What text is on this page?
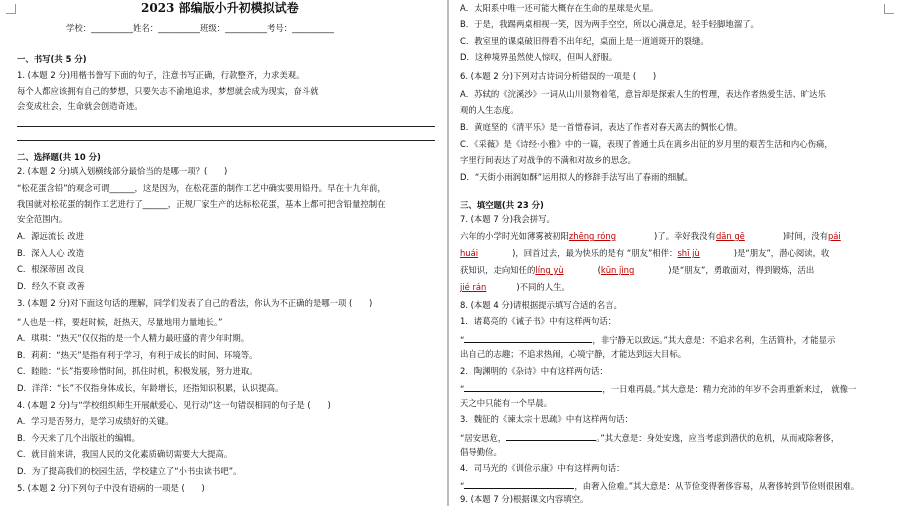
2023 部编版小升初模拟试卷
学校：__________姓名：__________班级：__________考号：__________
一、书写(共 5 分)
1. (本题 2 分)用楷书誊写下面的句子，注意书写正确，行款整齐，力求美观。
每个人都应该拥有自己的梦想，只要矢志不渝地追求，梦想就会成为现实，奋斗就
会变成社会，生命就会创造奇迹。
二、选择题(共 10 分)
2. (本题 2 分)填入划横线部分最恰当的是哪一项？(　　)
“松花蛋含铅”的观念可谓______，这是因为，在松花蛋的制作工艺中确实要用铅丹。早在十九年前，
我国就对松花蛋的制作工艺进行了______，正规厂家生产的达标松花蛋，基本上都可把含铅量控制在
安全范围内。
A．源远流长 改进
B．深入人心 改造
C．根深蒂固 改良
D．经久不衰 改善
3. (本题 2 分)对下面这句话的理解，同学们发表了自己的看法，你认为不正确的是哪一项 (　　)
“人也是一样，要赶时候，赶热天，尽量地用力量地长。”
A．琪琪：“热天”仅仅指的是一个人精力最旺盛的青少年时期。
B．莉莉：“热天”是指有利于学习，有利于成长的时间、环境等。
C．睦睦：“长”指要珍惜时间，抓住时机，积极发展，努力进取。
D．洋洋：“长”不仅指身体成长，年龄增长，还指知识积累，认识提高。
4. (本题 2 分)与“学校组织师生开展献爱心、见行动”这一句错误相同的句子是 (　　)
A．学习是否努力，是学习成绩好的关键。
B．今天来了几个出版社的编辑。
C．就目前来讲，我国人民的文化素质确切需要大大提高。
D．为了提高我们的校园生活，学校建立了“小书虫读书吧”。
5. (本题 2 分)下列句子中没有语病的一项是 (　　)
A．太阳系中唯一还可能大概存在生命的星球是火星。
B．于是，我踢两桌相视一笑，因为两手空空，所以心满意足，轻手轻脚地溜了。
C．教室里的课桌破旧得看不出年纪，桌面上是一道道斑开的裂缝。
D．这种境界虽然使人惊叹，但叫人舒服。
6. (本题 2 分)下列对古诗词分析错误的一项是 (　　)
A．苏轼的《浣溪沙》一词从山川景物着笔，意旨却是探索人生的哲理，表达作者热爱生活、旷达乐
观的人生态度。
B．黄庭坚的《清平乐》是一首惜春词，表达了作者对春天离去的惆怅心情。
C．《采薇》是《诗经·小雅》中的一篇，表现了普通士兵在离乡出征的岁月里的艰苦生活和内心伤痛，
字里行间表达了对战争的不满和对故乡的思念。
D．“天街小雨润如酥”运用拟人的修辞手法写出了春雨的细腻。
三、填空题(共 23 分)
7. (本题 7 分)我会拼写。
六年的小学时光如薄雾被初阳zhēng róng	)了。幸好我没有dān gē	)时间，没有pái
huái	)，回首过去，最为快乐的是有 “朋友”相伴：shī jù	)是“朋友”，潜心阅读，收
获知识，走向知任的líng yù	(kūn jìng	)是“朋友”，勇敢面对，得到锻炼，活出
jié rán	)不同的人生。
8. (本题 4 分)请根据提示填写合适的名言。
1．诸葛亮的《诫子书》中有这样两句话：
“	，非宁静无以致远。”其大意是：不追求名利，生活简朴，才能显示
出自己的志趣；不追求热闹，心境宁静，才能达到远大目标。
2．陶渊明的《杂诗》中有这样两句话：
“	，一日难再晨。”其大意是：精力充沛的年岁不会再重新来过， 就像一
天之中只能有一个早晨。
3．魏征的《谏太宗十思疏》中有这样两句话：
“居安思危，	。”其大意是：身处安逸，应当考虑到潜伏的危机，从而戒除奢侈，
倡导勤俭。
4．司马光的《训俭示康》中有这样两句话：
“	，由奢入俭难。”其大意是：从节俭变得奢侈容易，从奢侈转到节俭则很困难。
9. (本题 7 分)根据课文内容填空。
